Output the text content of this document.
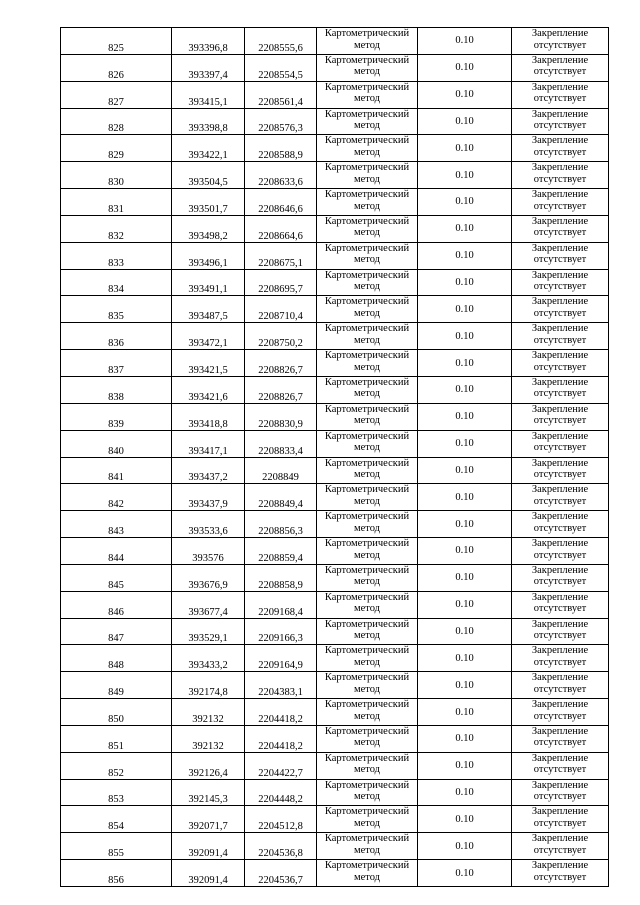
825	393396,8	2208555,6	Картометрический
метод	0.10	Закрепление
отсутствует

826	393397,4	2208554,5	Картометрический
метод	0.10	Закрепление
отсутствует

827	393415,1	2208561,4	Картометрический
метод	0.10	Закрепление
отсутствует

828	393398,8	2208576,3	Картометрический
метод	0.10	Закрепление
отсутствует

829	393422,1	2208588,9	Картометрический
метод	0.10	Закрепление
отсутствует

830	393504,5	2208633,6	Картометрический
метод	0.10	Закрепление
отсутствует

831	393501,7	2208646,6	Картометрический
метод	0.10	Закрепление
отсутствует

832	393498,2	2208664,6	Картометрический
метод	0.10	Закрепление
отсутствует

833	393496,1	2208675,1	Картометрический
метод	0.10	Закрепление
отсутствует

834	393491,1	2208695,7	Картометрический
метод	0.10	Закрепление
отсутствует

835	393487,5	2208710,4	Картометрический
метод	0.10	Закрепление
отсутствует

836	393472,1	2208750,2	Картометрический
метод	0.10	Закрепление
отсутствует

837	393421,5	2208826,7	Картометрический
метод	0.10	Закрепление
отсутствует

838	393421,6	2208826,7	Картометрический
метод	0.10	Закрепление
отсутствует

839	393418,8	2208830,9	Картометрический
метод	0.10	Закрепление
отсутствует

840	393417,1	2208833,4	Картометрический
метод	0.10	Закрепление
отсутствует

841	393437,2	2208849	Картометрический
метод	0.10	Закрепление
отсутствует

842	393437,9	2208849,4	Картометрический
метод	0.10	Закрепление
отсутствует

843	393533,6	2208856,3	Картометрический
метод	0.10	Закрепление
отсутствует

844	393576	2208859,4	Картометрический
метод	0.10	Закрепление
отсутствует

845	393676,9	2208858,9	Картометрический
метод	0.10	Закрепление
отсутствует

846	393677,4	2209168,4	Картометрический
метод	0.10	Закрепление
отсутствует

847	393529,1	2209166,3	Картометрический
метод	0.10	Закрепление
отсутствует

848	393433,2	2209164,9	Картометрический
метод	0.10	Закрепление
отсутствует

849	392174,8	2204383,1	Картометрический
метод	0.10	Закрепление
отсутствует

850	392132	2204418,2	Картометрический
метод	0.10	Закрепление
отсутствует

851	392132	2204418,2	Картометрический
метод	0.10	Закрепление
отсутствует

852	392126,4	2204422,7	Картометрический
метод	0.10	Закрепление
отсутствует

853	392145,3	2204448,2	Картометрический
метод	0.10	Закрепление
отсутствует

854	392071,7	2204512,8	Картометрический
метод	0.10	Закрепление
отсутствует

855	392091,4	2204536,8	Картометрический
метод	0.10	Закрепление
отсутствует

856	392091,4	2204536,7	Картометрический
метод	0.10	Закрепление
отсутствует
